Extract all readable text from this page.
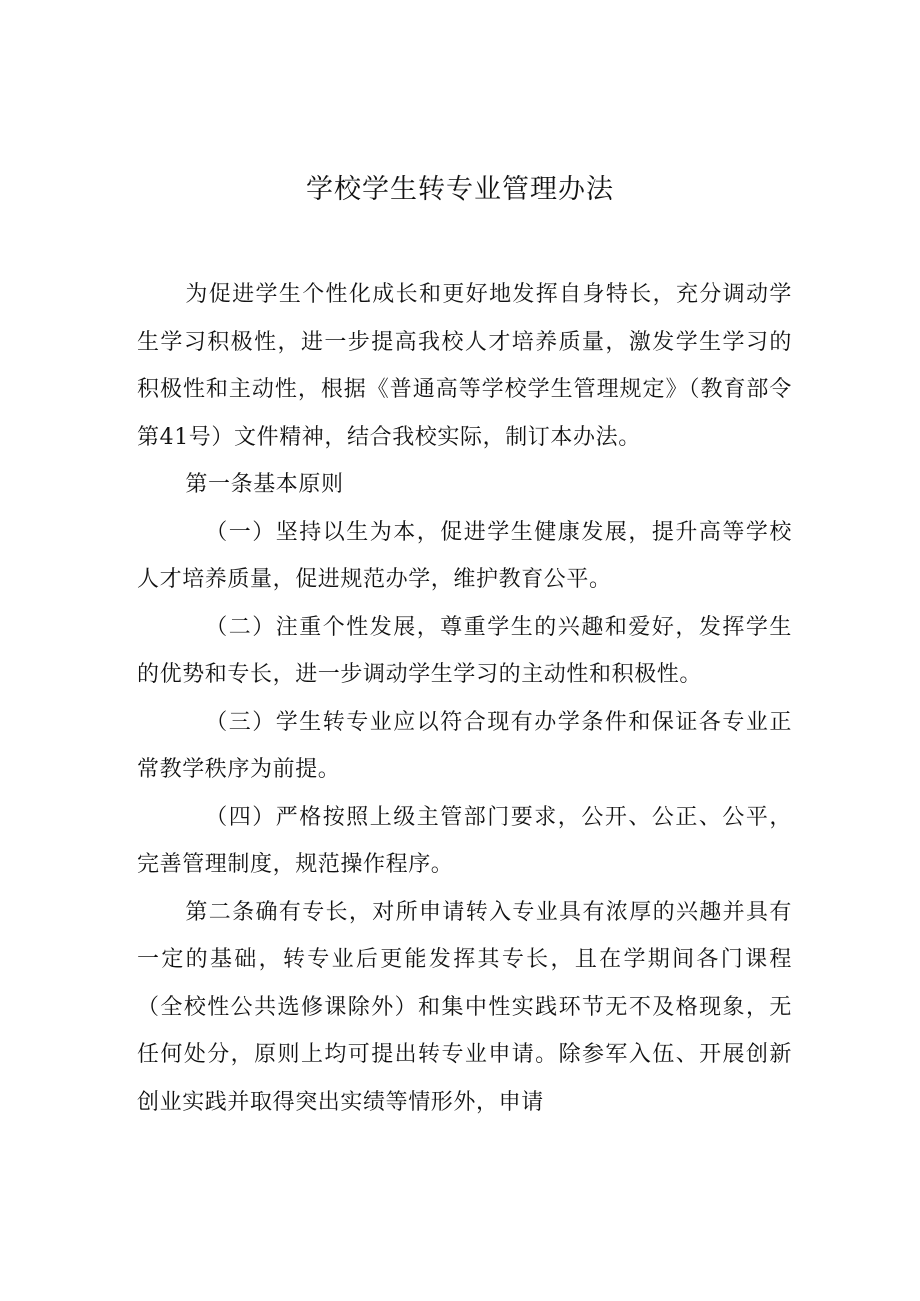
学校学生转专业管理办法

为促进学生个性化成长和更好地发挥自身特长，充分调动学生学习积极性，进一步提高我校人才培养质量，激发学生学习的积极性和主动性，根据《普通高等学校学生管理规定》（教育部令第41号）文件精神，结合我校实际，制订本办法。

第一条基本原则

（一）坚持以生为本，促进学生健康发展，提升高等学校人才培养质量，促进规范办学，维护教育公平。

（二）注重个性发展，尊重学生的兴趣和爱好，发挥学生的优势和专长，进一步调动学生学习的主动性和积极性。

（三）学生转专业应以符合现有办学条件和保证各专业正常教学秩序为前提。

（四）严格按照上级主管部门要求，公开、公正、公平，完善管理制度，规范操作程序。

第二条确有专长，对所申请转入专业具有浓厚的兴趣并具有一定的基础，转专业后更能发挥其专长，且在学期间各门课程（全校性公共选修课除外）和集中性实践环节无不及格现象，无任何处分，原则上均可提出转专业申请。除参军入伍、开展创新创业实践并取得突出实绩等情形外，申请
